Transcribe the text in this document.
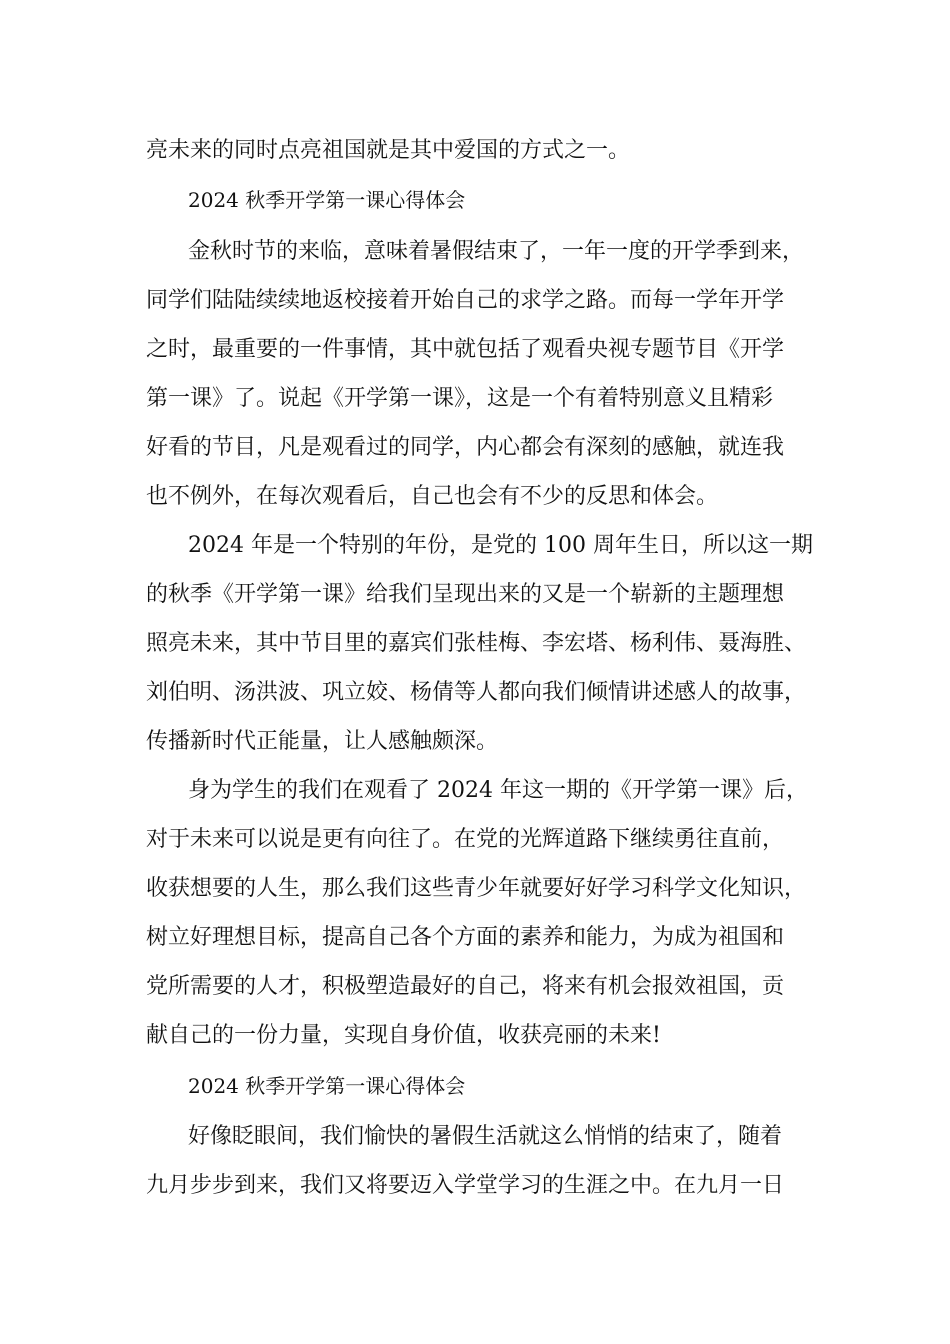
亮未来的同时点亮祖国就是其中爱国的方式之一。
2024 秋季开学第一课心得体会
金秋时节的来临，意味着暑假结束了，一年一度的开学季到来，
同学们陆陆续续地返校接着开始自己的求学之路。而每一学年开学
之时，最重要的一件事情，其中就包括了观看央视专题节目《开学
第一课》了。说起《开学第一课》，这是一个有着特别意义且精彩
好看的节目，凡是观看过的同学，内心都会有深刻的感触，就连我
也不例外，在每次观看后，自己也会有不少的反思和体会。
2024 年是一个特别的年份，是党的 100 周年生日，所以这一期
的秋季《开学第一课》给我们呈现出来的又是一个崭新的主题理想
照亮未来，其中节目里的嘉宾们张桂梅、李宏塔、杨利伟、聂海胜、
刘伯明、汤洪波、巩立姣、杨倩等人都向我们倾情讲述感人的故事，
传播新时代正能量，让人感触颇深。
身为学生的我们在观看了 2024 年这一期的《开学第一课》后，
对于未来可以说是更有向往了。在党的光辉道路下继续勇往直前，
收获想要的人生，那么我们这些青少年就要好好学习科学文化知识，
树立好理想目标，提高自己各个方面的素养和能力，为成为祖国和
党所需要的人才，积极塑造最好的自己，将来有机会报效祖国，贡
献自己的一份力量，实现自身价值，收获亮丽的未来!
2024 秋季开学第一课心得体会
好像眨眼间，我们愉快的暑假生活就这么悄悄的结束了，随着
九月步步到来，我们又将要迈入学堂学习的生涯之中。在九月一日
